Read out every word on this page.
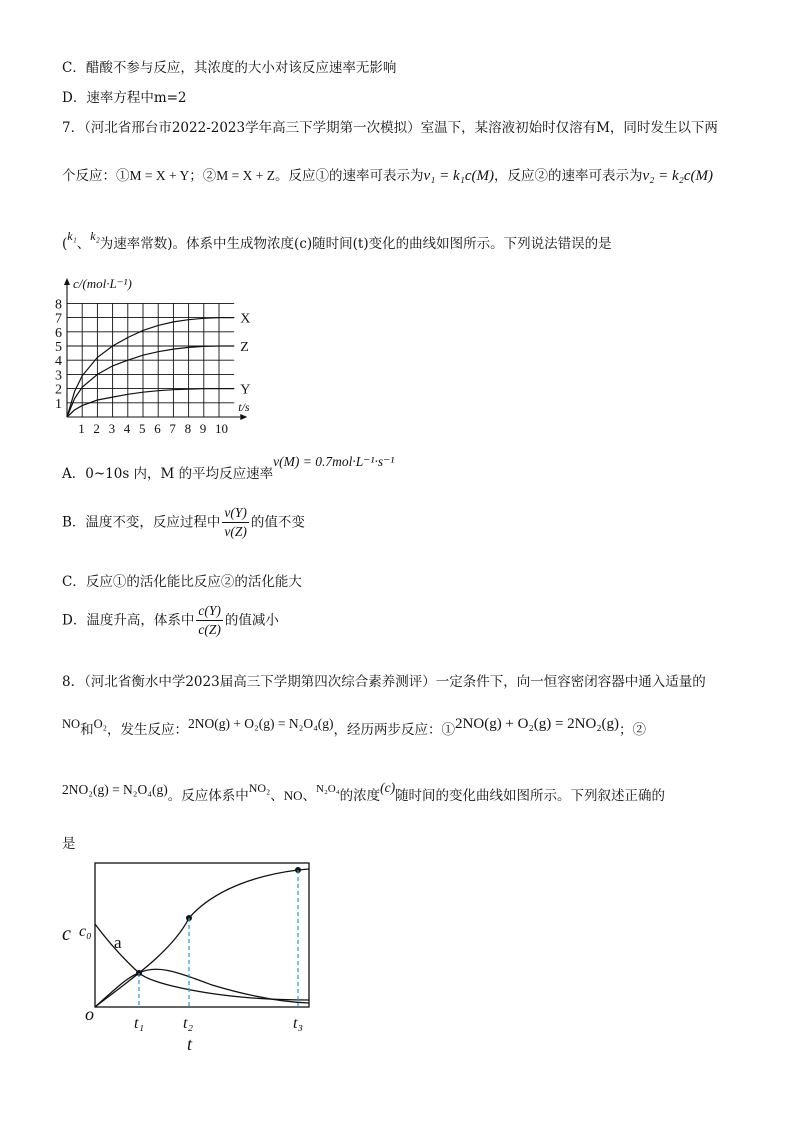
C．醋酸不参与反应，其浓度的大小对该反应速率无影响
D．速率方程中m=2
7．（河北省邢台市2022-2023学年高三下学期第一次模拟）室温下，某溶液初始时仅溶有M，同时发生以下两
个反应：①M = X + Y；②M = X + Z。反应①的速率可表示为v₁ = k₁c(M)，反应②的速率可表示为v₂ = k₂c(M)
(k₁、k₂为速率常数)。体系中生成物浓度(c)随时间(t)变化的曲线如图所示。下列说法错误的是
1
2
3
4
5
6
7
8
1 2 3 4 5 6 7 8 9 10
c/(mol·L⁻¹)
t/s
X
Z
Y
A．0~10s 内，M 的平均反应速率v(M) = 0.7mol·L⁻¹·s⁻¹
B．温度不变，反应过程中 $\frac{v(Y)}{v(Z)}$ 的值不变
C．反应①的活化能比反应②的活化能大
D．温度升高，体系中 $\frac{c(Y)}{c(Z)}$ 的值减小
8．（河北省衡水中学2023届高三下学期第四次综合素养测评）一定条件下，向一恒容密闭容器中通入适量的
NO和O₂，发生反应：2NO(g) + O₂(g) = N₂O₄(g)，经历两步反应：①2NO(g) + O₂(g) = 2NO₂(g)；②
2NO₂(g) = N₂O₄(g)。反应体系中NO₂、NO、$^{N_2O_4}$的浓度(c)随时间的变化曲线如图所示。下列叙述正确的
是
c c₀
a
o	t₁ t₂	t₃
t
